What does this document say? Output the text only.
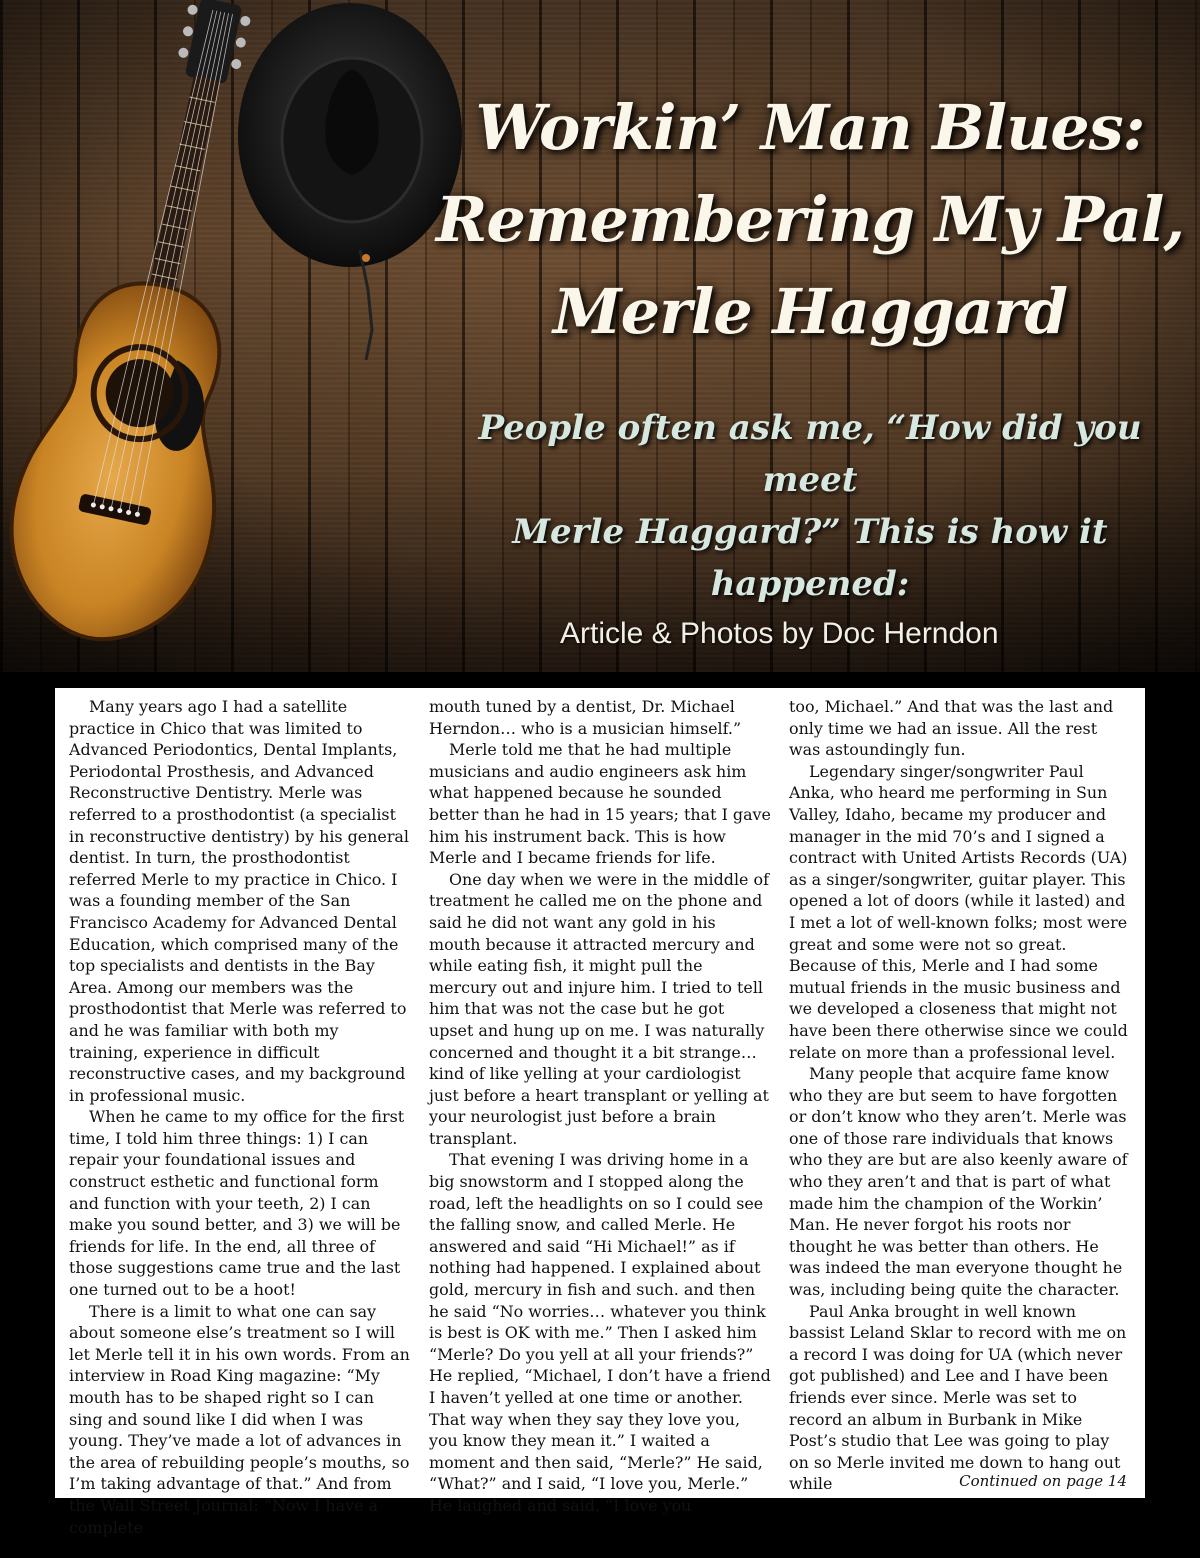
Workin’ Man Blues:
Remembering My Pal,
Merle Haggard
People often ask me, “How did you meet
Merle Haggard?” This is how it
happened:
Article & Photos by Doc Herndon

Many years ago I had a satellite practice in Chico that was limited to Advanced Periodontics, Dental Implants, Periodontal Prosthesis, and Advanced Reconstructive Dentistry. Merle was referred to a prosthodontist (a specialist in reconstructive dentistry) by his general dentist. In turn, the prosthodontist referred Merle to my practice in Chico. I was a founding member of the San Francisco Academy for Advanced Dental Education, which comprised many of the top specialists and dentists in the Bay Area. Among our members was the prosthodontist that Merle was referred to and he was familiar with both my training, experience in difficult reconstructive cases, and my background in professional music.

When he came to my office for the first time, I told him three things: 1) I can repair your foundational issues and construct esthetic and functional form and function with your teeth, 2) I can make you sound better, and 3) we will be friends for life. In the end, all three of those suggestions came true and the last one turned out to be a hoot!

There is a limit to what one can say about someone else’s treatment so I will let Merle tell it in his own words. From an interview in Road King magazine: “My mouth has to be shaped right so I can sing and sound like I did when I was young. They’ve made a lot of advances in the area of rebuilding people’s mouths, so I’m taking advantage of that.” And from the Wall Street Journal: “Now I have a complete

mouth tuned by a dentist, Dr. Michael Herndon… who is a musician himself.”

Merle told me that he had multiple musicians and audio engineers ask him what happened because he sounded better than he had in 15 years; that I gave him his instrument back. This is how Merle and I became friends for life.

One day when we were in the middle of treatment he called me on the phone and said he did not want any gold in his mouth because it attracted mercury and while eating fish, it might pull the mercury out and injure him. I tried to tell him that was not the case but he got upset and hung up on me. I was naturally concerned and thought it a bit strange… kind of like yelling at your cardiologist just before a heart transplant or yelling at your neurologist just before a brain transplant.

That evening I was driving home in a big snowstorm and I stopped along the road, left the headlights on so I could see the falling snow, and called Merle. He answered and said “Hi Michael!” as if nothing had happened. I explained about gold, mercury in fish and such. and then he said “No worries… whatever you think is best is OK with me.” Then I asked him “Merle? Do you yell at all your friends?” He replied, “Michael, I don’t have a friend I haven’t yelled at one time or another. That way when they say they love you, you know they mean it.” I waited a moment and then said, “Merle?” He said, “What?” and I said, “I love you, Merle.” He laughed and said, “I love you

too, Michael.” And that was the last and only time we had an issue. All the rest was astoundingly fun.

Legendary singer/songwriter Paul Anka, who heard me performing in Sun Valley, Idaho, became my producer and manager in the mid 70’s and I signed a contract with United Artists Records (UA) as a singer/songwriter, guitar player. This opened a lot of doors (while it lasted) and I met a lot of well-known folks; most were great and some were not so great. Because of this, Merle and I had some mutual friends in the music business and we developed a closeness that might not have been there otherwise since we could relate on more than a professional level.

Many people that acquire fame know who they are but seem to have forgotten or don’t know who they aren’t. Merle was one of those rare individuals that knows who they are but are also keenly aware of who they aren’t and that is part of what made him the champion of the Workin’ Man. He never forgot his roots nor thought he was better than others. He was indeed the man everyone thought he was, including being quite the character.

Paul Anka brought in well known bassist Leland Sklar to record with me on a record I was doing for UA (which never got published) and Lee and I have been friends ever since. Merle was set to record an album in Burbank in Mike Post’s studio that Lee was going to play on so Merle invited me down to hang out while	Continued on page 14
